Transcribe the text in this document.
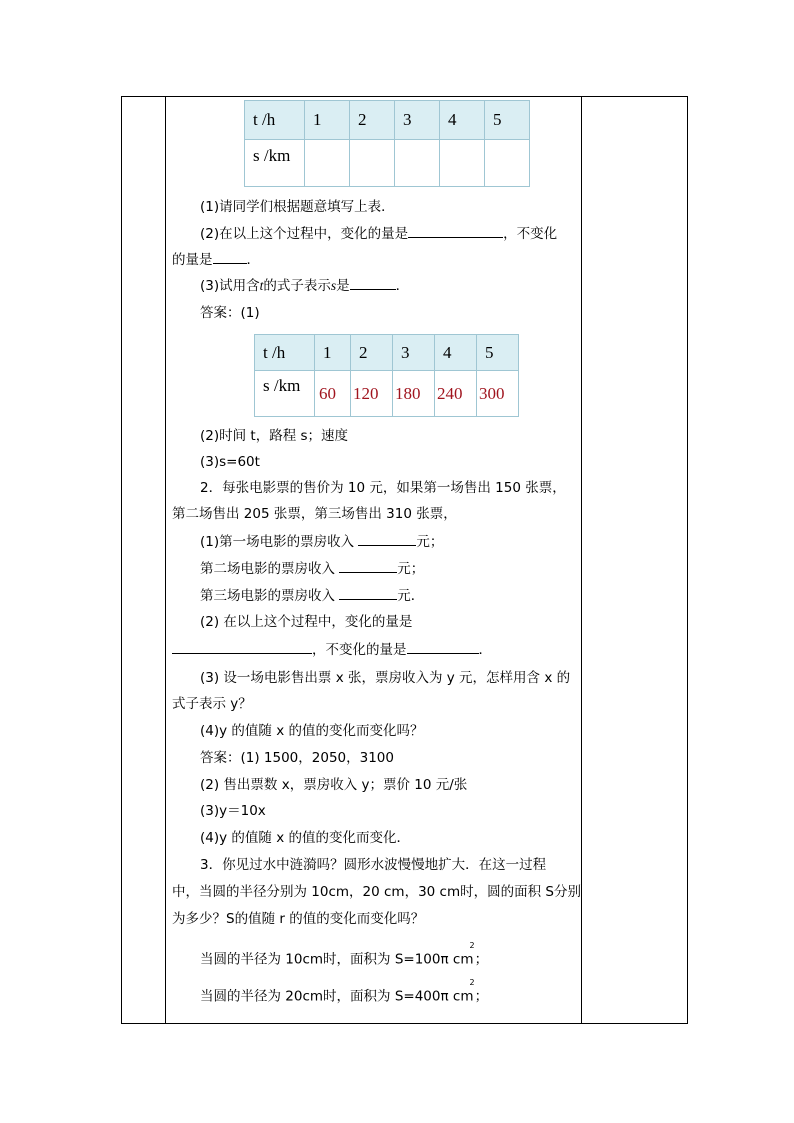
t /h	1	2	3	4	5
s /km					
(1)请同学们根据题意填写上表．
(2)在以上这个过程中，变化的量是	，不变化
的量是	．
(3)试用含t的式子表示s是	．
答案：(1)
t /h	1	2	3	4	5
s /km	60	120	180	240	300
(2)时间 t，路程 s；速度
(3)s=60t
2．每张电影票的售价为 10 元，如果第一场售出 150 张票，
第二场售出 205 张票，第三场售出 310 张票，
(1)第一场电影的票房收入	元；
第二场电影的票房收入	元；
第三场电影的票房收入	元．
(2) 在以上这个过程中，变化的量是
，不变化的量是	．
(3) 设一场电影售出票 x 张，票房收入为 y 元，怎样用含 x 的
式子表示 y？
(4)y 的值随 x 的值的变化而变化吗？
答案：(1) 1500，2050，3100
(2) 售出票数 x，票房收入 y；票价 10 元/张
(3)y＝10x
(4)y 的值随 x 的值的变化而变化．
3．你见过水中涟漪吗？圆形水波慢慢地扩大．在这一过程
中，当圆的半径分别为 10cm，20 cm，30 cm时，圆的面积 S分别
为多少？S的值随 r 的值的变化而变化吗？
当圆的半径为 10cm时，面积为 S=100π $cm^2$；
当圆的半径为 20cm时，面积为 S=400π $cm^2$；
